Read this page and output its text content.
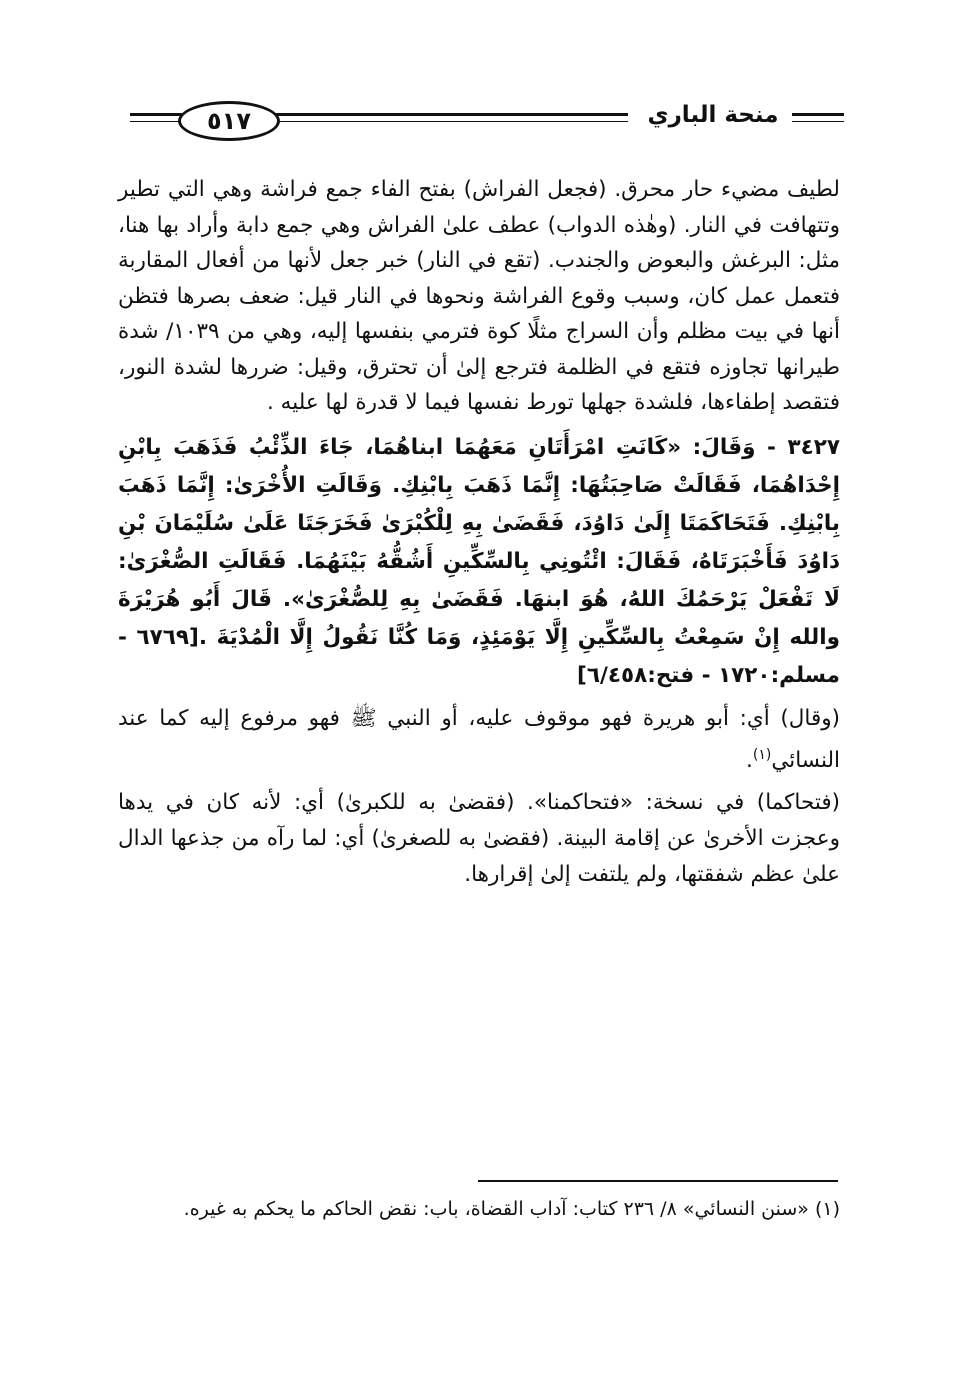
٥١٧	منحة الباري

لطيف مضيء حار محرق. (فجعل الفراش) بفتح الفاء جمع فراشة وهي التي تطير وتتهافت في النار. (وهٰذه الدواب) عطف علىٰ الفراش وهي جمع دابة وأراد بها هنا، مثل: البرغش والبعوض والجندب. (تقع في النار) خبر جعل لأنها من أفعال المقاربة فتعمل عمل كان، وسبب وقوع الفراشة ونحوها في النار قيل: ضعف بصرها فتظن أنها في بيت مظلم وأن السراج مثلًا كوة فترمي بنفسها إليه، وهي من ١٠٣٩/ شدة طيرانها تجاوزه فتقع في الظلمة فترجع إلىٰ أن تحترق، وقيل: ضررها لشدة النور، فتقصد إطفاءها، فلشدة جهلها تورط نفسها فيما لا قدرة لها عليه .

٣٤٢٧ - وَقَالَ: «كَانَتِ امْرَأَتَانِ مَعَهُمَا ابناهُمَا، جَاءَ الذِّئْبُ فَذَهَبَ بِابْنِ إِحْدَاهُمَا، فَقَالَتْ صَاحِبَتُهَا: إِنَّمَا ذَهَبَ بِابْنِكِ. وَقَالَتِ الأُخْرَىٰ: إِنَّمَا ذَهَبَ بِابْنِكِ. فَتَحَاكَمَتَا إِلَىٰ دَاوُدَ، فَقَضَىٰ بِهِ لِلْكُبْرَىٰ فَخَرَجَتَا عَلَىٰ سُلَيْمَانَ بْنِ دَاوُدَ فَأَخْبَرَتَاهُ، فَقَالَ: ائْتُونِي بِالسِّكِّينِ أَشُقُّهُ بَيْنَهُمَا. فَقَالَتِ الصُّغْرَىٰ: لَا تَفْعَلْ يَرْحَمُكَ اللهُ، هُوَ ابنهَا. فَقَضَىٰ بِهِ لِلصُّغْرَىٰ». قَالَ أَبُو هُرَيْرَةَ والله إِنْ سَمِعْتُ بِالسِّكِّينِ إِلَّا يَوْمَئِذٍ، وَمَا كُنَّا نَقُولُ إِلَّا الْمُدْيَةَ .[٦٧٦٩ - مسلم:١٧٢٠ - فتح:٦/٤٥٨]

(وقال) أي: أبو هريرة فهو موقوف عليه، أو النبي ﷺ فهو مرفوع إليه كما عند النسائي$^{(١)}$.

(فتحاكما) في نسخة: «فتحاكمنا». (فقضىٰ به للكبرىٰ) أي: لأنه كان في يدها وعجزت الأخرىٰ عن إقامة البينة. (فقضىٰ به للصغرىٰ) أي: لما رآه من جذعها الدال علىٰ عظم شفقتها، ولم يلتفت إلىٰ إقرارها.

(١) «سنن النسائي» ٨/ ٢٣٦ كتاب: آداب القضاة، باب: نقض الحاكم ما يحكم به غيره.
